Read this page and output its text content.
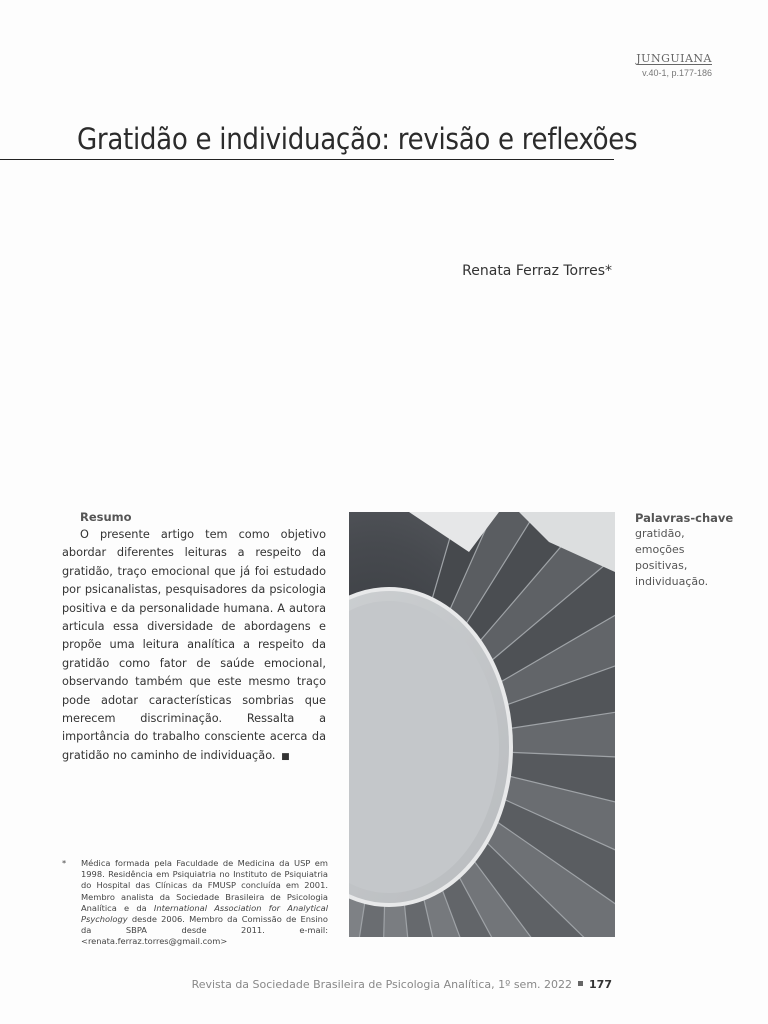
JUNGUIANA
v.40-1, p.177-186
Gratidão e individuação: revisão e reflexões
Renata Ferraz Torres*
Resumo

O presente artigo tem como objetivo abordar diferentes leituras a respeito da gratidão, traço emocional que já foi estudado por psicanalistas, pesquisadores da psicologia positiva e da personalidade humana. A autora articula essa diversidade de abordagens e propõe uma leitura analítica a respeito da gratidão como fator de saúde emocional, observando também que este mesmo traço pode adotar características sombrias que merecem discriminação. Ressalta a importância do trabalho consciente acerca da gratidão no caminho de individuação. ■

Palavras-chave
gratidão,
emoções
positivas,
individuação.
* Médica formada pela Faculdade de Medicina da USP em 1998. Residência em Psiquiatria no Instituto de Psiquiatria do Hospital das Clínicas da FMUSP concluída em 2001. Membro analista da Sociedade Brasileira de Psicologia Analítica e da International Association for Analytical Psychology desde 2006. Membro da Comissão de Ensino da SBPA desde 2011. e-mail: <renata.ferraz.torres@gmail.com>
Revista da Sociedade Brasileira de Psicologia Analítica, 1º sem. 2022 177
